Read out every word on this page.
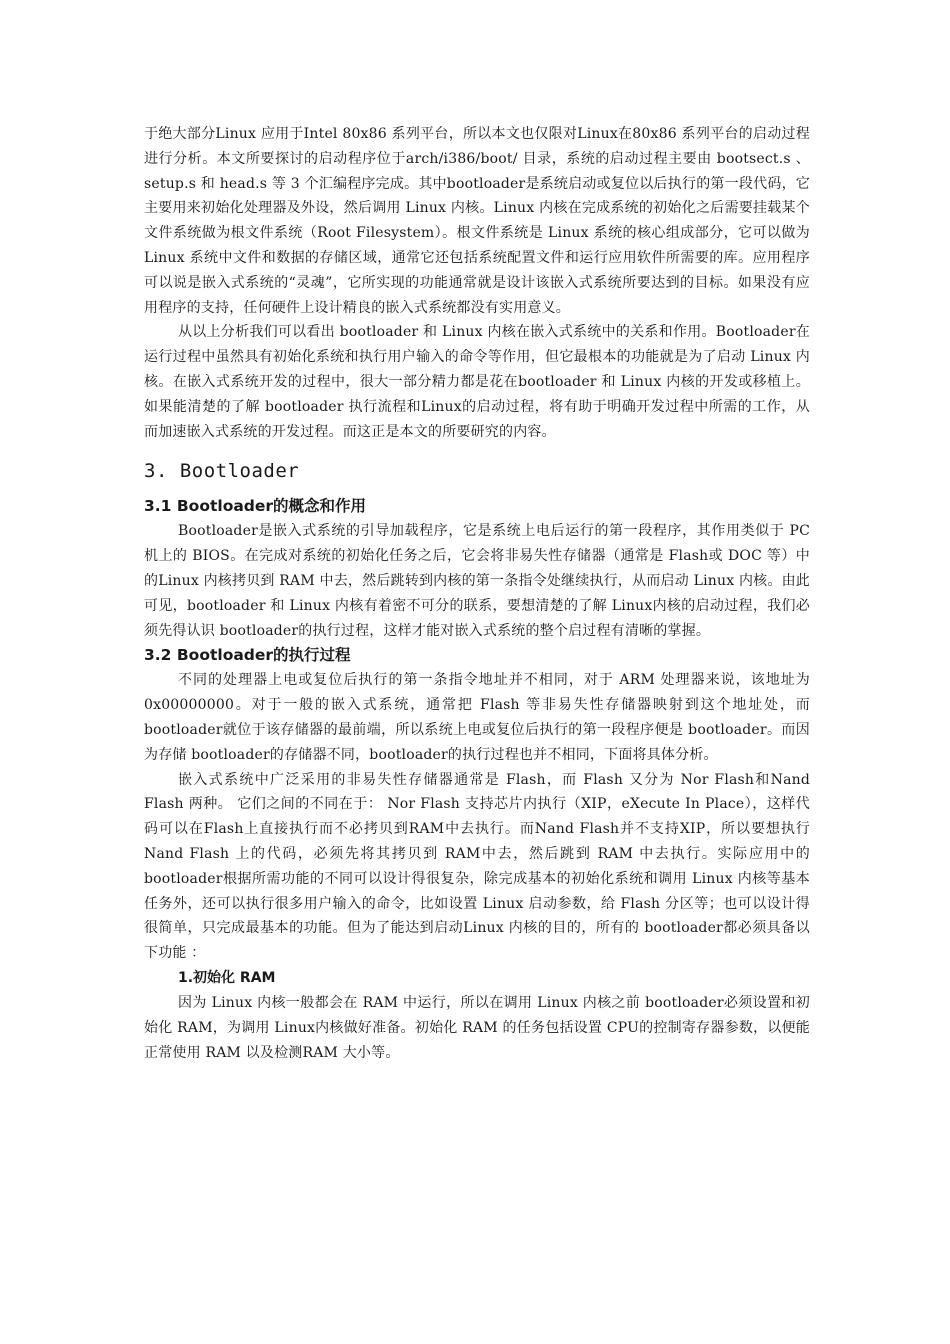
于绝大部分Linux 应用于Intel 80x86 系列平台，所以本文也仅限对Linux在80x86 系列平台的启动过程进行分析。本文所要探讨的启动程序位于arch/i386/boot/ 目录，系统的启动过程主要由 bootsect.s 、setup.s 和 head.s 等 3 个汇编程序完成。其中bootloader是系统启动或复位以后执行的第一段代码，它主要用来初始化处理器及外设，然后调用 Linux 内核。Linux 内核在完成系统的初始化之后需要挂载某个文件系统做为根文件系统（Root Filesystem）。根文件系统是 Linux 系统的核心组成部分，它可以做为Linux 系统中文件和数据的存储区域，通常它还包括系统配置文件和运行应用软件所需要的库。应用程序可以说是嵌入式系统的“灵魂”，它所实现的功能通常就是设计该嵌入式系统所要达到的目标。如果没有应用程序的支持，任何硬件上设计精良的嵌入式系统都没有实用意义。

从以上分析我们可以看出 bootloader 和 Linux 内核在嵌入式系统中的关系和作用。Bootloader在运行过程中虽然具有初始化系统和执行用户输入的命令等作用，但它最根本的功能就是为了启动 Linux 内核。在嵌入式系统开发的过程中，很大一部分精力都是花在bootloader 和 Linux 内核的开发或移植上。如果能清楚的了解 bootloader 执行流程和Linux的启动过程，将有助于明确开发过程中所需的工作，从而加速嵌入式系统的开发过程。而这正是本文的所要研究的内容。

3. Bootloader
3.1 Bootloader的概念和作用

Bootloader是嵌入式系统的引导加载程序，它是系统上电后运行的第一段程序，其作用类似于 PC 机上的 BIOS。在完成对系统的初始化任务之后，它会将非易失性存储器（通常是 Flash或 DOC 等）中的Linux 内核拷贝到 RAM 中去，然后跳转到内核的第一条指令处继续执行，从而启动 Linux 内核。由此可见，bootloader 和 Linux 内核有着密不可分的联系，要想清楚的了解 Linux内核的启动过程，我们必须先得认识 bootloader的执行过程，这样才能对嵌入式系统的整个启过程有清晰的掌握。

3.2 Bootloader的执行过程

不同的处理器上电或复位后执行的第一条指令地址并不相同，对于 ARM 处理器来说，该地址为 0x00000000。对于一般的嵌入式系统，通常把 Flash 等非易失性存储器映射到这个地址处，而 bootloader就位于该存储器的最前端，所以系统上电或复位后执行的第一段程序便是 bootloader。而因为存储 bootloader的存储器不同，bootloader的执行过程也并不相同，下面将具体分析。

嵌入式系统中广泛采用的非易失性存储器通常是 Flash，而 Flash 又分为 Nor Flash和Nand Flash 两种。 它们之间的不同在于： Nor Flash 支持芯片内执行（XIP，eXecute In Place），这样代码可以在Flash上直接执行而不必拷贝到RAM中去执行。而Nand Flash并不支持XIP，所以要想执行 Nand Flash 上的代码，必须先将其拷贝到 RAM中去，然后跳到 RAM 中去执行。实际应用中的 bootloader根据所需功能的不同可以设计得很复杂，除完成基本的初始化系统和调用 Linux 内核等基本任务外，还可以执行很多用户输入的命令，比如设置 Linux 启动参数，给 Flash 分区等；也可以设计得很简单，只完成最基本的功能。但为了能达到启动Linux 内核的目的，所有的 bootloader都必须具备以下功能 ：

1.初始化 RAM

因为 Linux 内核一般都会在 RAM 中运行，所以在调用 Linux 内核之前 bootloader必须设置和初始化 RAM，为调用 Linux内核做好准备。初始化 RAM 的任务包括设置 CPU的控制寄存器参数，以便能正常使用 RAM 以及检测RAM 大小等。
